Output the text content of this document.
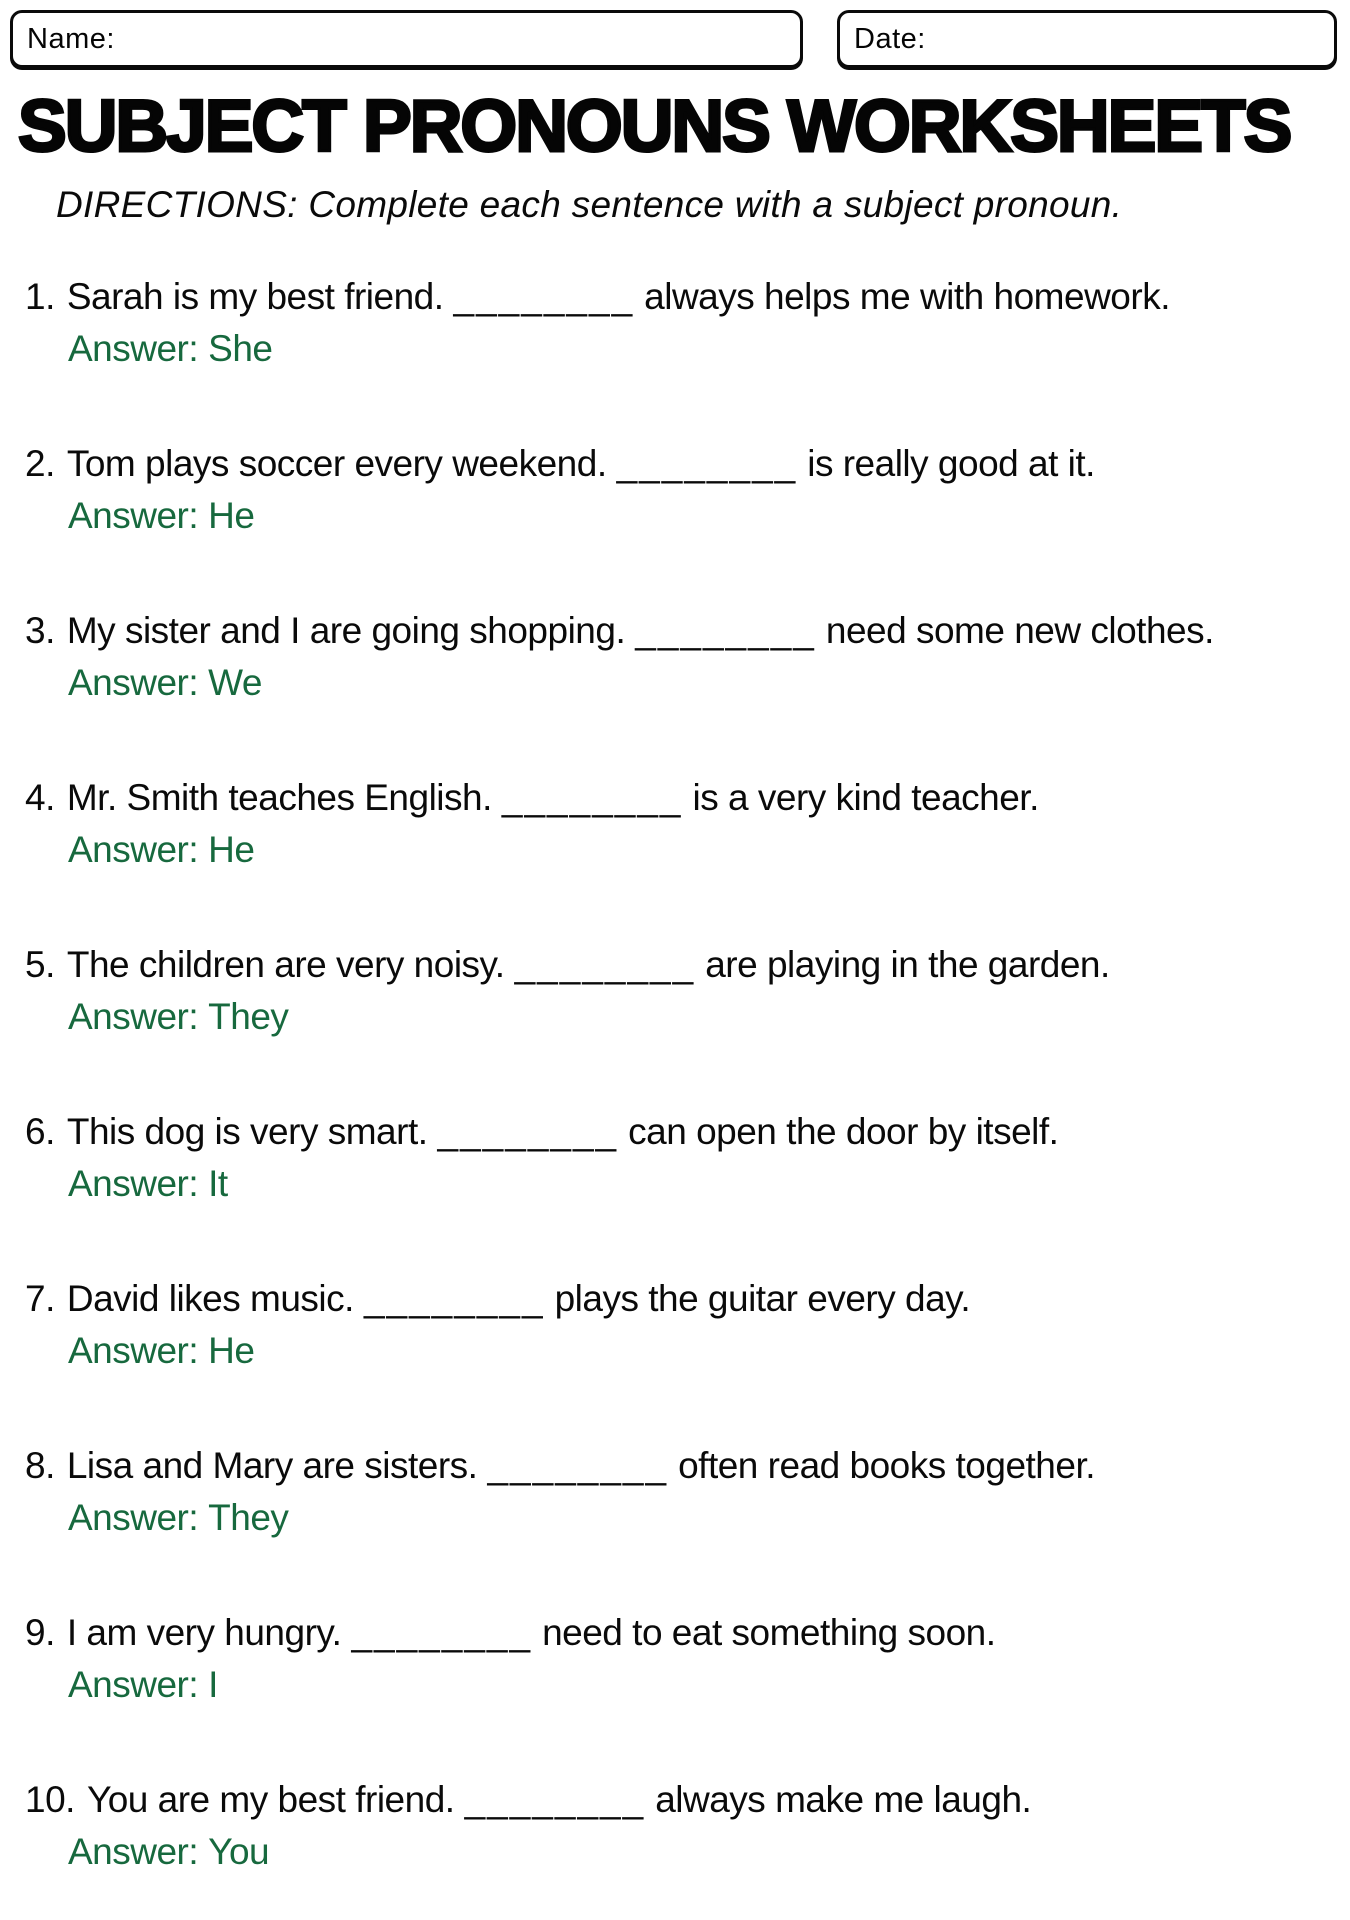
Name:	Date:
SUBJECT PRONOUNS WORKSHEETS

DIRECTIONS: Complete each sentence with a subject pronoun.

1. Sarah is my best friend. ________ always helps me with homework.
Answer: She
2. Tom plays soccer every weekend. ________ is really good at it.
Answer: He
3. My sister and I are going shopping. ________ need some new clothes.
Answer: We
4. Mr. Smith teaches English. ________ is a very kind teacher.
Answer: He
5. The children are very noisy. ________ are playing in the garden.
Answer: They
6. This dog is very smart. ________ can open the door by itself.
Answer: It
7. David likes music. ________ plays the guitar every day.
Answer: He
8. Lisa and Mary are sisters. ________ often read books together.
Answer: They
9. I am very hungry. ________ need to eat something soon.
Answer: I
10. You are my best friend. ________ always make me laugh.
Answer: You
